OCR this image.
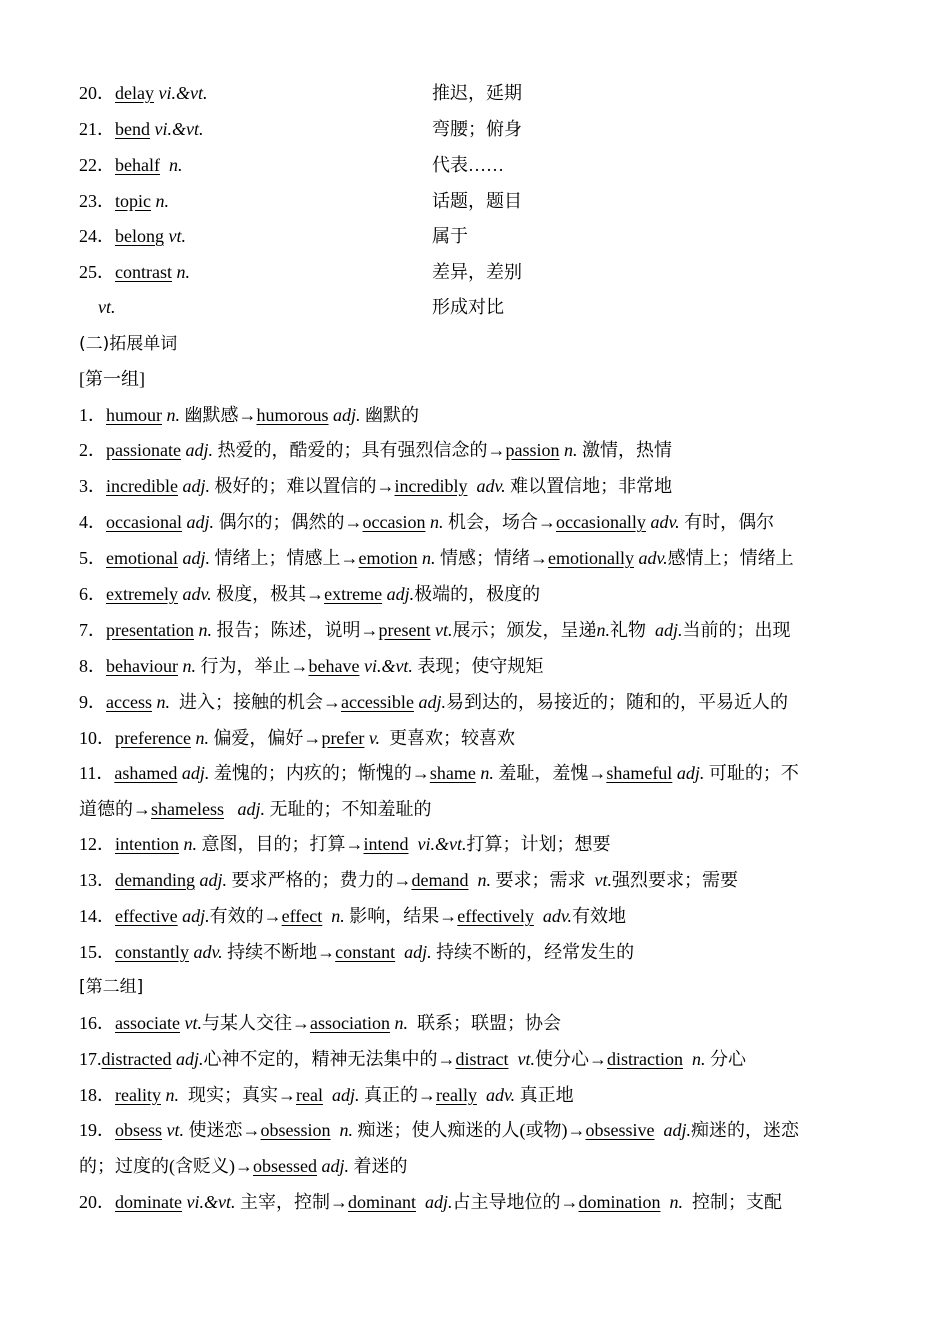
20．delay vi.&vt.	推迟，延期
21．bend vi.&vt.	弯腰；俯身
22．behalf n.	代表……
23．topic n.	话题，题目
24．belong vt.	属于
25．contrast n.	差异，差别
vt.	形成对比
(二)拓展单词
[第一组]
1．humour n. 幽默感→humorous adj. 幽默的
2．passionate adj. 热爱的，酷爱的；具有强烈信念的→passion n. 激情，热情
3．incredible adj. 极好的；难以置信的→incredibly adv. 难以置信地；非常地
4．occasional adj. 偶尔的；偶然的→occasion n. 机会，场合→occasionally adv. 有时，偶尔
5．emotional adj. 情绪上；情感上→emotion n. 情感；情绪→emotionally adv.感情上；情绪上
6．extremely adv. 极度，极其→extreme adj.极端的，极度的
7．presentation n. 报告；陈述，说明→present vt.展示；颁发，呈递n.礼物 adj.当前的；出现
8．behaviour n. 行为，举止→behave vi.&vt. 表现；使守规矩
9．access n. 进入；接触的机会→accessible adj.易到达的，易接近的；随和的，平易近人的
10．preference n. 偏爱，偏好→prefer v. 更喜欢；较喜欢
11．ashamed adj. 羞愧的；内疚的；惭愧的→shame n. 羞耻，羞愧→shameful adj. 可耻的；不
道德的→shameless adj. 无耻的；不知羞耻的
12．intention n. 意图，目的；打算→intend vi.&vt.打算；计划；想要
13．demanding adj. 要求严格的；费力的→demand n. 要求；需求 vt.强烈要求；需要
14．effective adj.有效的→effect n. 影响，结果→effectively adv.有效地
15．constantly adv. 持续不断地→constant adj. 持续不断的，经常发生的
[第二组]
16．associate vt.与某人交往→association n. 联系；联盟；协会
17.distracted adj.心神不定的，精神无法集中的→distract vt.使分心→distraction n. 分心
18．reality n. 现实；真实→real adj. 真正的→really adv. 真正地
19．obsess vt. 使迷恋→obsession n. 痴迷；使人痴迷的人(或物)→obsessive adj.痴迷的，迷恋
的；过度的(含贬义)→obsessed adj. 着迷的
20．dominate vi.&vt. 主宰，控制→dominant adj.占主导地位的→domination n. 控制；支配
